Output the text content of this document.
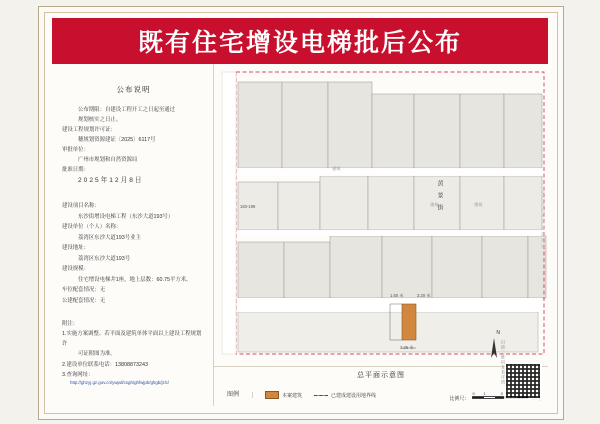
既有住宅增设电梯批后公布
公布说明
公布期限：自建设工程开工之日起至通过
规划核实之日止。
建设工程规划许可证：
穗规划资源建证〔2025〕6117号
审批单位：
广州市规划和自然资源局
批准日期：
2025年12月8日
建设项目名称：
东沙街增设电梯工程（东沙大道193号）
建设单位（个人）名称：
荔湾区东沙大道193号业主
建设地址：
荔湾区东沙大道193号
建设规模：
住宅增设电梯井1座，地上层数：60.75平方米。
车位配套情况：无
公建配套情况：无
附注：
1.实施方案调整、若平面及建筑单体平面以上建设工程规划许
可证附图为准。
2.建设单位联系电话：13808873243
3.查询网址：
http://ghzyj.gz.gov.cn/ywpd/csgh/ghfwjpb/ghgb/jzlc/
黄景街
193-199
1.60 米	3.20 米
3.25 米
建筑
建筑	建筑
N
广州市规划和自然资源局
总平面示意图
图例	本案建筑	已建成建设用地界线
比例尺：
0 1	3
扫描二维码查看详情
